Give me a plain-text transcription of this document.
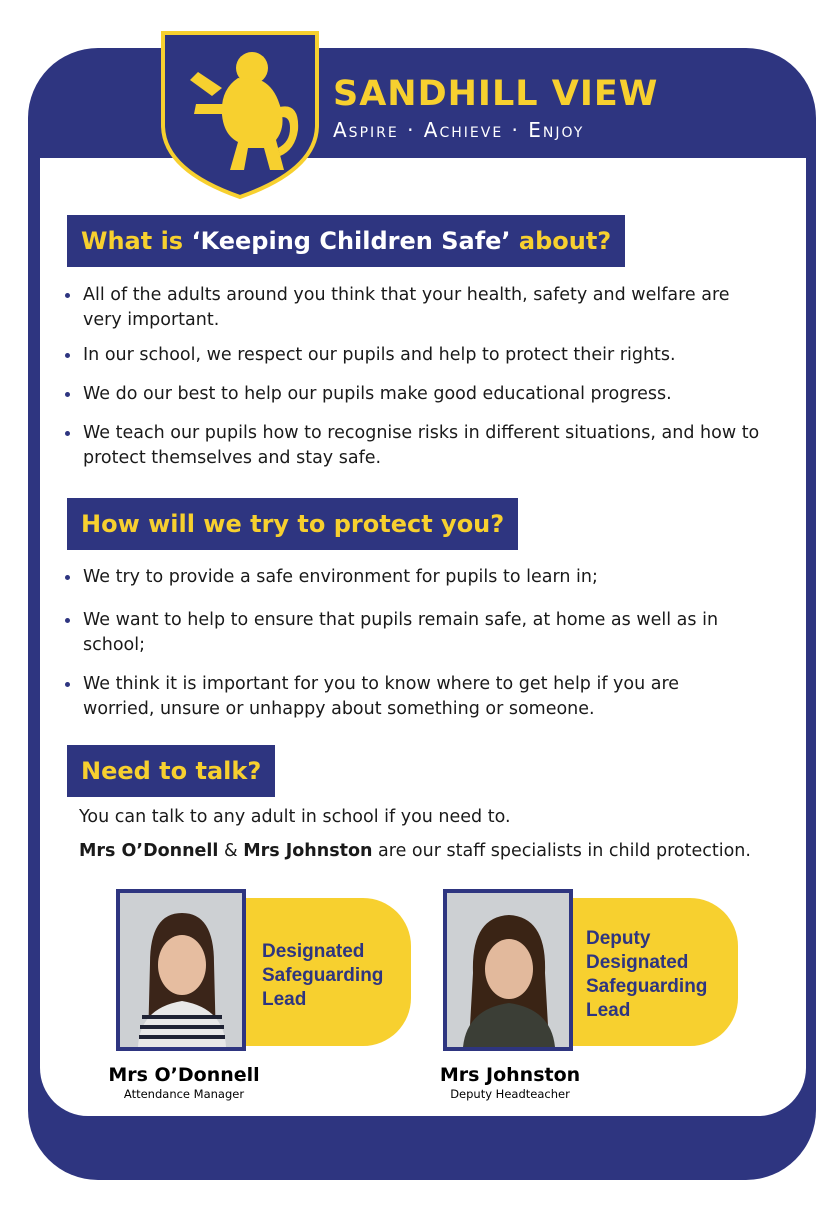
SANDHILL VIEW
Aspire · Achieve · Enjoy
What is ‘Keeping Children Safe’ about?
All of the adults around you think that your health, safety and welfare are very important.
In our school, we respect our pupils and help to protect their rights.
We do our best to help our pupils make good educational progress.
We teach our pupils how to recognise risks in different situations, and how to protect themselves and stay safe.
How will we try to protect you?
We try to provide a safe environment for pupils to learn in;
We want to help to ensure that pupils remain safe, at home as well as in school;
We think it is important for you to know where to get help if you are worried, unsure or unhappy about something or someone.
Need to talk?
You can talk to any adult in school if you need to.
Mrs O’Donnell & Mrs Johnston are our staff specialists in child protection.
Designated
Safeguarding
Lead
Mrs O’Donnell
Attendance Manager
Deputy
Designated
Safeguarding
Lead
Mrs Johnston
Deputy Headteacher
